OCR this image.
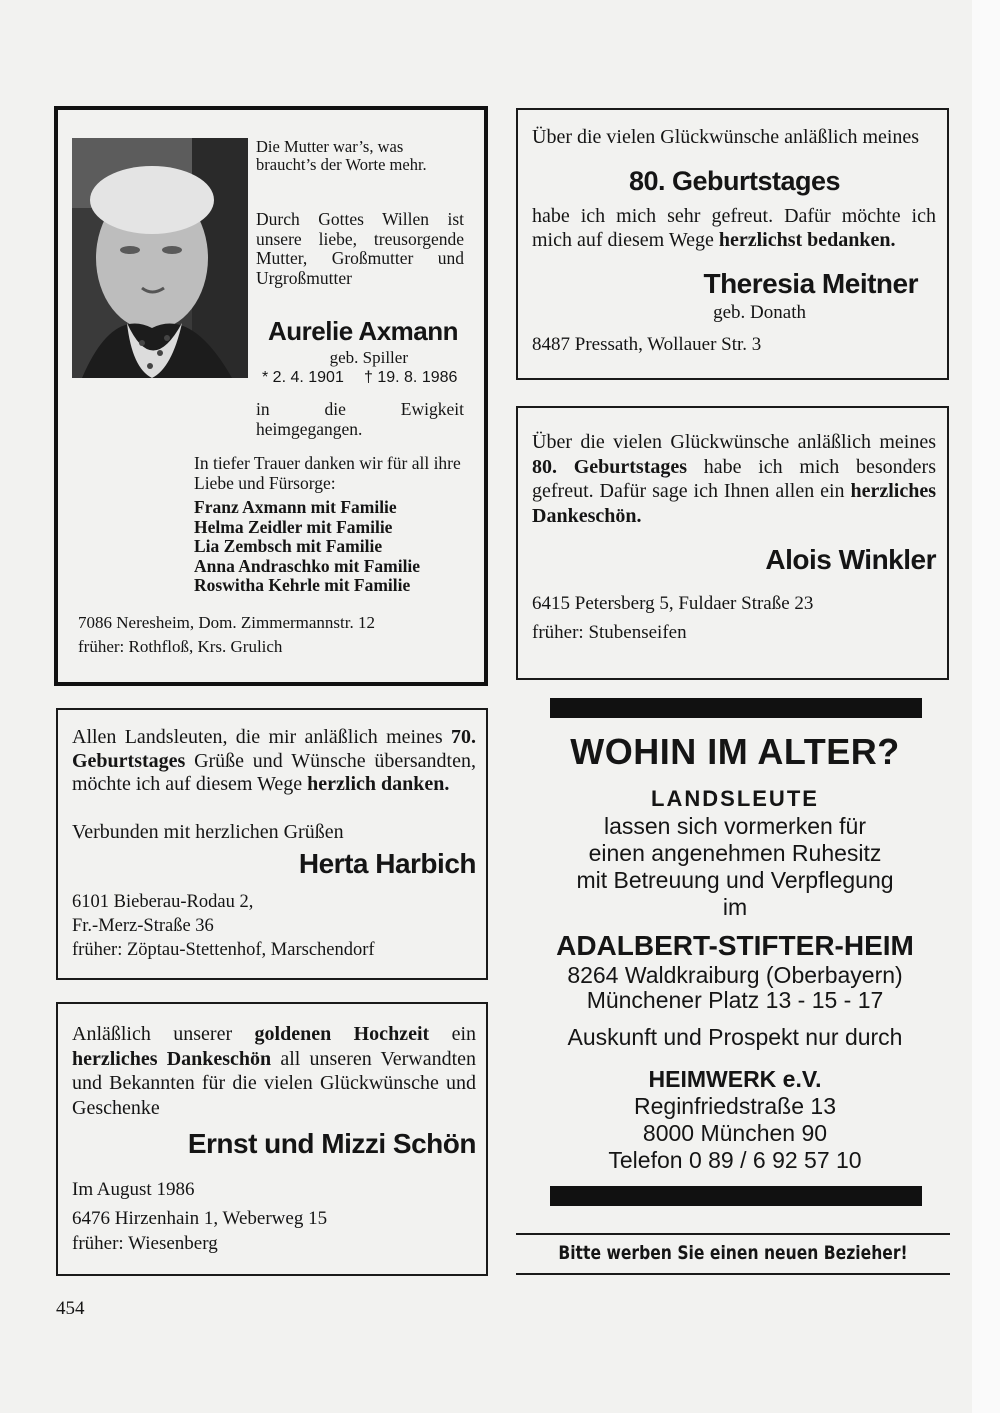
Die Mutter war’s, was braucht’s der Worte mehr.

Durch Gottes Willen ist unsere liebe, treusorgende Mutter, Großmutter und Urgroßmutter

Aurelie Axmann

geb. Spiller

* 2. 4. 1901 † 19. 8. 1986

in die Ewigkeit heimgegangen.

In tiefer Trauer danken wir für all ihre Liebe und Fürsorge:

Franz Axmann mit Familie

Helma Zeidler mit Familie

Lia Zembsch mit Familie

Anna Andraschko mit Familie

Roswitha Kehrle mit Familie

7086 Neresheim, Dom. Zimmermannstr. 12

früher: Rothfloß, Krs. Grulich

Über die vielen Glückwünsche anläßlich meines

80. Geburtstages

habe ich mich sehr gefreut. Dafür möchte ich mich auf diesem Wege herzlichst bedanken.

Theresia Meitner

geb. Donath

8487 Pressath, Wollauer Str. 3

Über die vielen Glückwünsche anläßlich meines 80. Geburtstages habe ich mich besonders gefreut. Dafür sage ich Ihnen allen ein herzliches Dankeschön.

Alois Winkler

6415 Petersberg 5, Fuldaer Straße 23

früher: Stubenseifen

Allen Landsleuten, die mir anläßlich meines 70. Geburtstages Grüße und Wünsche übersandten, möchte ich auf diesem Wege herzlich danken.

Verbunden mit herzlichen Grüßen

Herta Harbich

6101 Bieberau-Rodau 2,

Fr.-Merz-Straße 36

früher: Zöptau-Stettenhof, Marschendorf

Anläßlich unserer goldenen Hochzeit ein herzliches Dankeschön all unseren Verwandten und Bekannten für die vielen Glückwünsche und Geschenke

Ernst und Mizzi Schön

Im August 1986

6476 Hirzenhain 1, Weberweg 15

früher: Wiesenberg

WOHIN IM ALTER?

LANDSLEUTE

lassen sich vormerken für

einen angenehmen Ruhesitz

mit Betreuung und Verpflegung

im

ADALBERT-STIFTER-HEIM

8264 Waldkraiburg (Oberbayern)

Münchener Platz 13 - 15 - 17

Auskunft und Prospekt nur durch

HEIMWERK e.V.

Reginfriedstraße 13

8000 München 90

Telefon 0 89 / 6 92 57 10

Bitte werben Sie einen neuen Bezieher!

454
